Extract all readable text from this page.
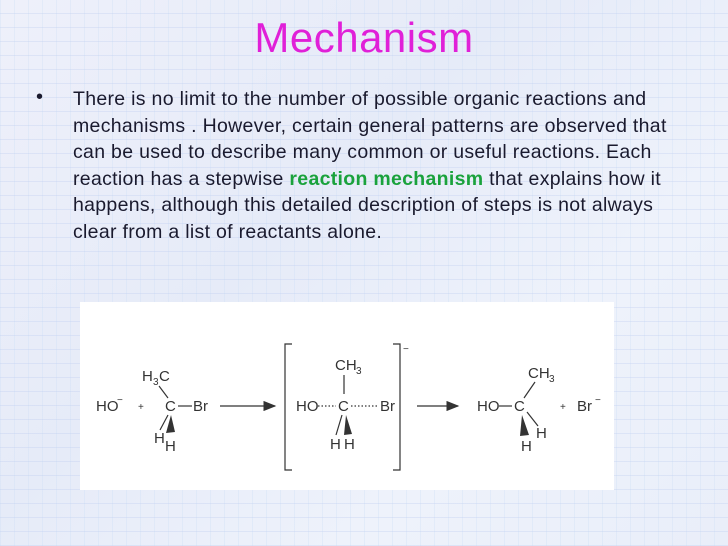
Mechanism
• There is no limit to the number of possible organic reactions and mechanisms . However, certain general patterns are observed that can be used to describe many common or useful reactions. Each reaction has a stepwise reaction mechanism that explains how it happens, although this detailed description of steps is not always clear from a list of reactants alone.
HO
−
+
H 3 C
C Br
H H
−
CH 3
HO C Br
H H
HO C
CH 3
H
H
+ Br −
